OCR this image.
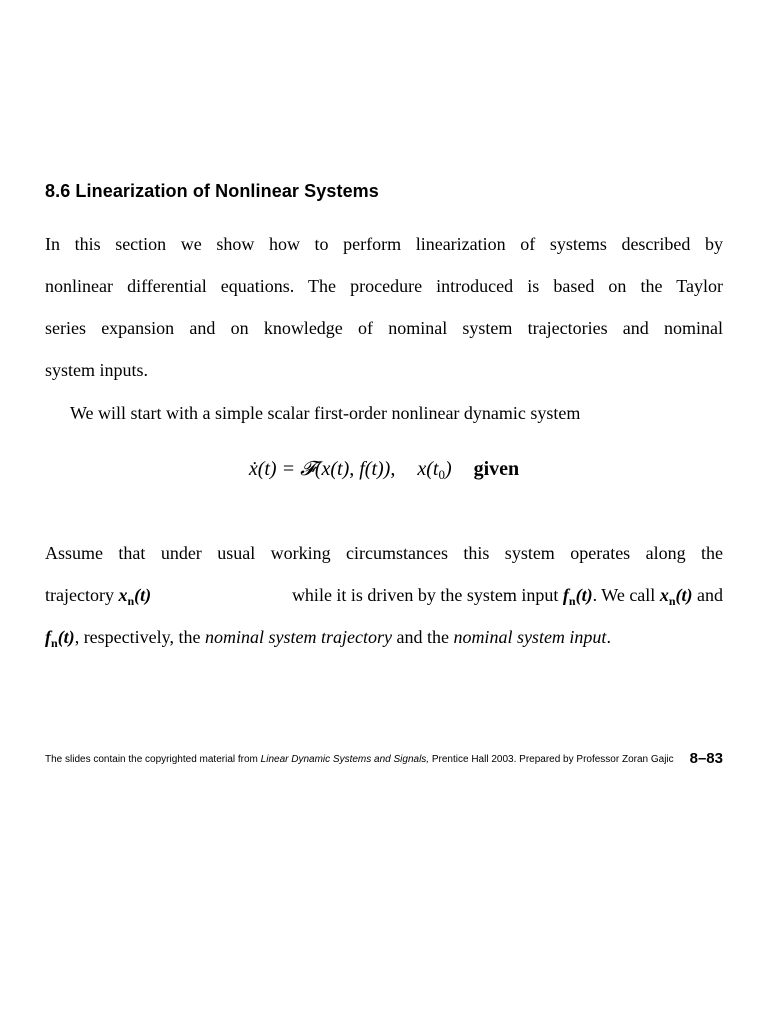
8.6 Linearization of Nonlinear Systems
In this section we show how to perform linearization of systems described by
nonlinear differential equations. The procedure introduced is based on the Taylor
series expansion and on knowledge of nominal system trajectories and nominal
system inputs.
We will start with a simple scalar first-order nonlinear dynamic system
ẋ(t) = 𝓕(x(t), f(t)), $x(t_0)$ given
Assume that under usual working circumstances this system operates along the
trajectory $x_n(t)$	while it is driven by the system input $f_n(t)$. We call $x_n(t)$ and
$f_n(t)$, respectively, the nominal system trajectory and the nominal system input.
The slides contain the copyrighted material from Linear Dynamic Systems and Signals, Prentice Hall 2003. Prepared by Professor Zoran Gajic 8–83
